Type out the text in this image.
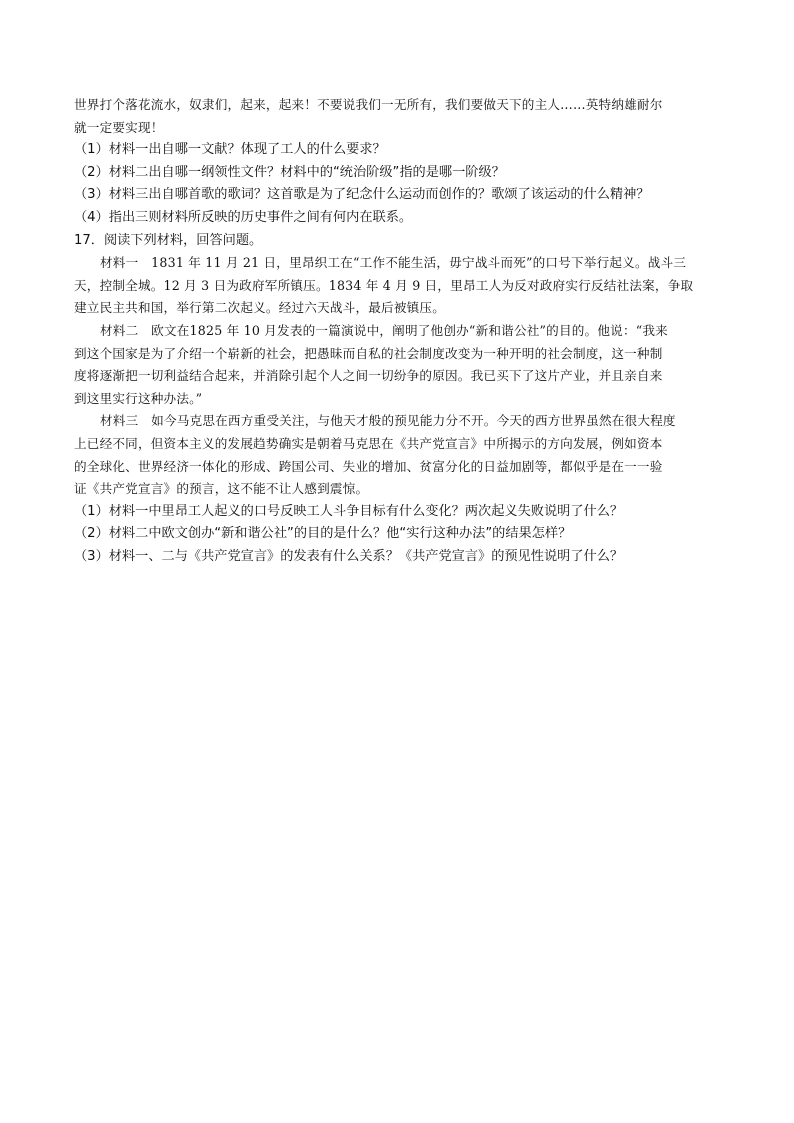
世界打个落花流水，奴隶们，起来，起来！不要说我们一无所有，我们要做天下的主人……英特纳雄耐尔

就一定要实现！

（1）材料一出自哪一文献？体现了工人的什么要求？

（2）材料二出自哪一纲领性文件？材料中的“统治阶级”指的是哪一阶级？

（3）材料三出自哪首歌的歌词？这首歌是为了纪念什么运动而创作的？歌颂了该运动的什么精神？

（4）指出三则材料所反映的历史事件之间有何内在联系。

17．阅读下列材料，回答问题。

材料一　1831 年 11 月 21 日，里昂织工在“工作不能生活，毋宁战斗而死”的口号下举行起义。战斗三

天，控制全城。12 月 3 日为政府军所镇压。1834 年 4 月 9 日，里昂工人为反对政府实行反结社法案，争取

建立民主共和国，举行第二次起义。经过六天战斗，最后被镇压。

材料二　欧文在1825 年 10 月发表的一篇演说中，阐明了他创办“新和谐公社”的目的。他说：“我来

到这个国家是为了介绍一个崭新的社会，把愚昧而自私的社会制度改变为一种开明的社会制度，这一种制

度将逐渐把一切利益结合起来，并消除引起个人之间一切纷争的原因。我已买下了这片产业，并且亲自来

到这里实行这种办法。”

材料三　如今马克思在西方重受关注，与他天才般的预见能力分不开。今天的西方世界虽然在很大程度

上已经不同，但资本主义的发展趋势确实是朝着马克思在《共产党宣言》中所揭示的方向发展，例如资本

的全球化、世界经济一体化的形成、跨国公司、失业的增加、贫富分化的日益加剧等，都似乎是在一一验

证《共产党宣言》的预言，这不能不让人感到震惊。

（1）材料一中里昂工人起义的口号反映工人斗争目标有什么变化？两次起义失败说明了什么？

（2）材料二中欧文创办“新和谐公社”的目的是什么？他“实行这种办法”的结果怎样？

（3）材料一、二与《共产党宣言》的发表有什么关系？《共产党宣言》的预见性说明了什么？
